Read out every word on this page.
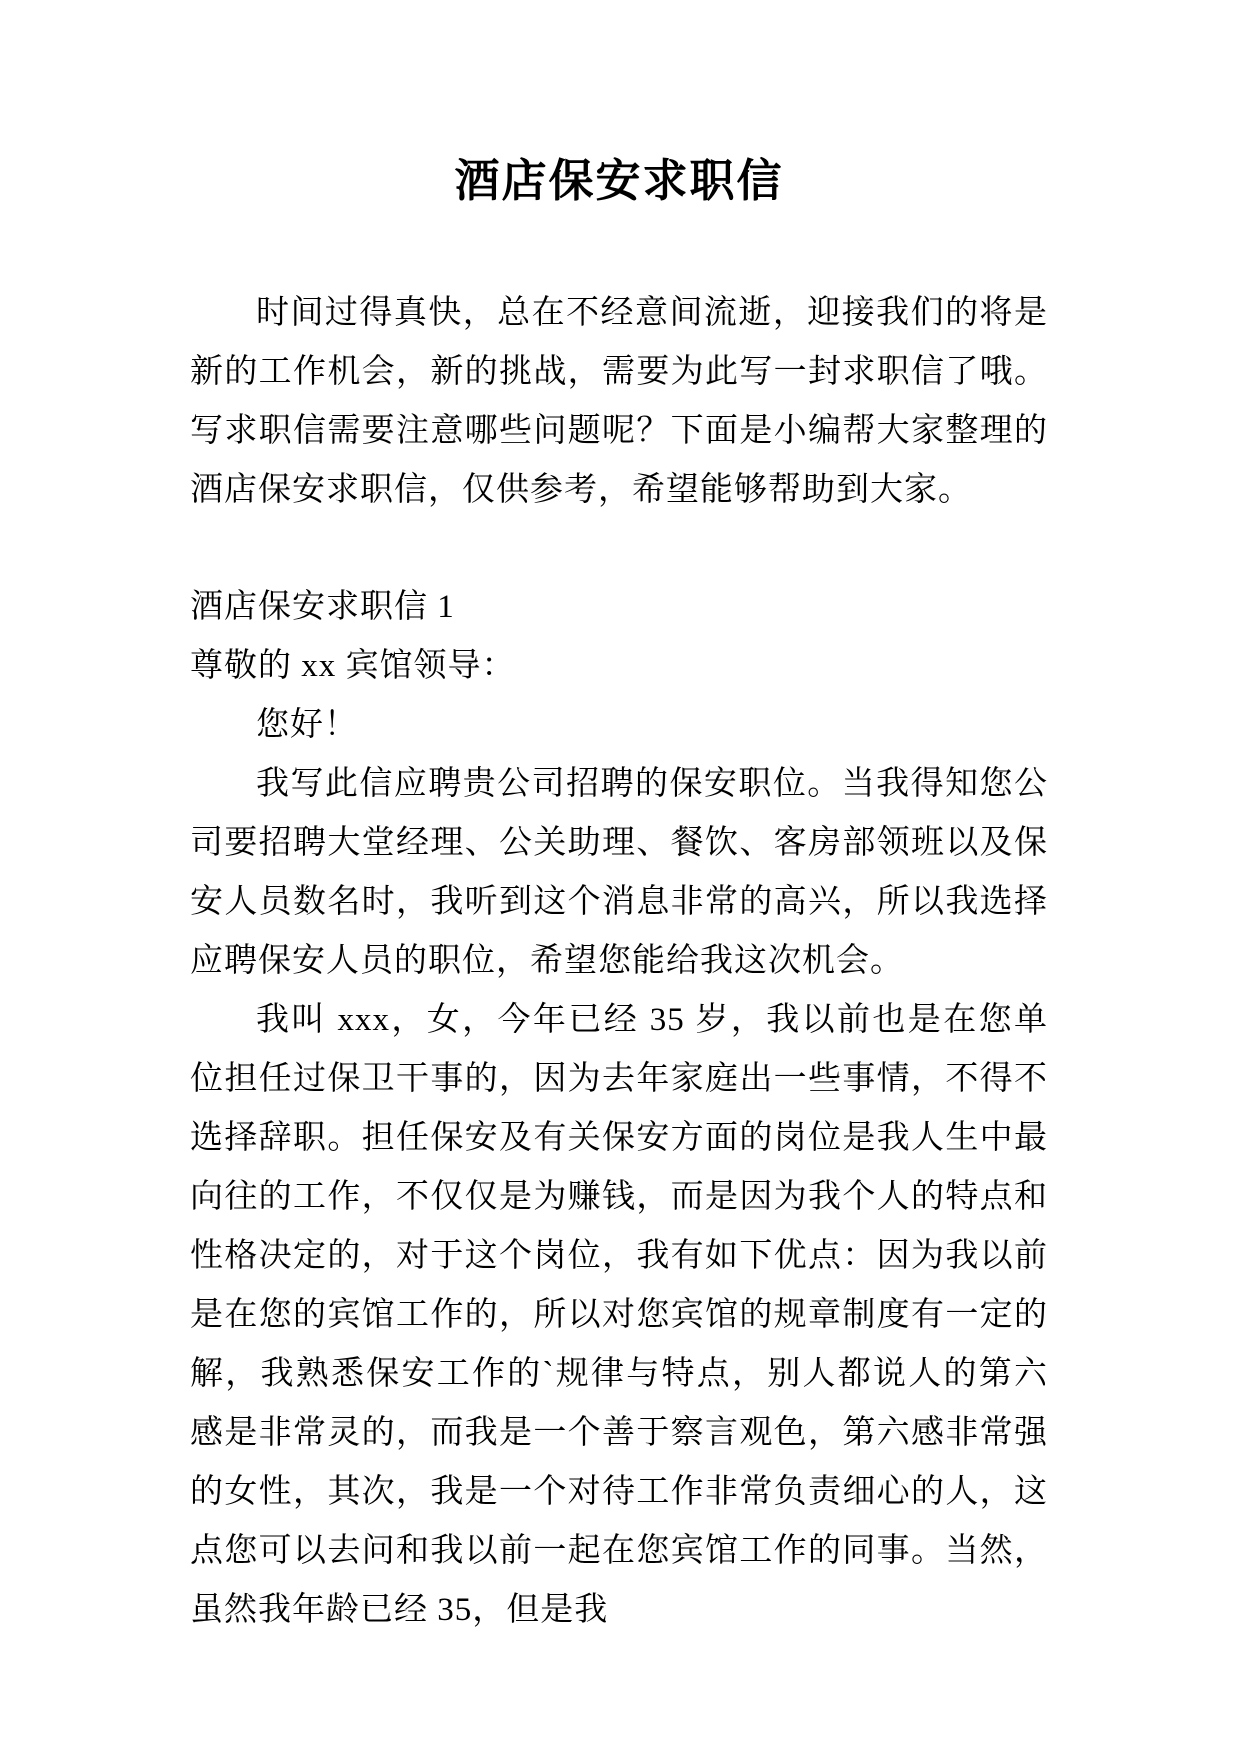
酒店保安求职信

时间过得真快，总在不经意间流逝，迎接我们的将是新的工作机会，新的挑战，需要为此写一封求职信了哦。写求职信需要注意哪些问题呢？下面是小编帮大家整理的酒店保安求职信，仅供参考，希望能够帮助到大家。

酒店保安求职信 1

尊敬的 xx 宾馆领导：

您好！

我写此信应聘贵公司招聘的保安职位。当我得知您公司要招聘大堂经理、公关助理、餐饮、客房部领班以及保安人员数名时，我听到这个消息非常的高兴，所以我选择应聘保安人员的职位，希望您能给我这次机会。

我叫 xxx，女，今年已经 35 岁，我以前也是在您单位担任过保卫干事的，因为去年家庭出一些事情，不得不选择辞职。担任保安及有关保安方面的岗位是我人生中最向往的工作，不仅仅是为赚钱，而是因为我个人的特点和性格决定的，对于这个岗位，我有如下优点：因为我以前是在您的宾馆工作的，所以对您宾馆的规章制度有一定的解，我熟悉保安工作的`规律与特点，别人都说人的第六感是非常灵的，而我是一个善于察言观色，第六感非常强的女性，其次，我是一个对待工作非常负责细心的人，这点您可以去问和我以前一起在您宾馆工作的同事。当然，虽然我年龄已经 35，但是我
